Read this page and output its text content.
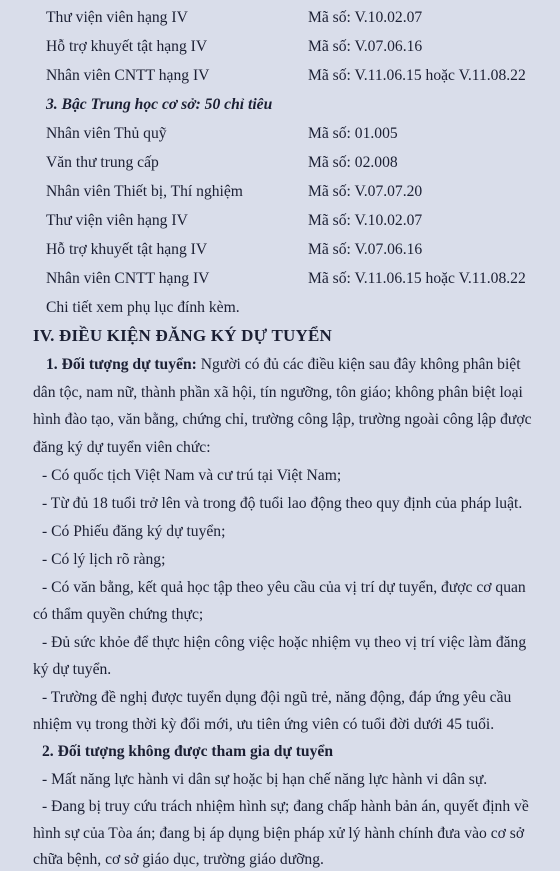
Thư viện viên hạng IV	Mã số: V.10.02.07
Hỗ trợ khuyết tật hạng IV	Mã số: V.07.06.16
Nhân viên CNTT hạng IV	Mã số: V.11.06.15 hoặc V.11.08.22
3. Bậc Trung học cơ sở: 50 chỉ tiêu
Nhân viên Thủ quỹ	Mã số: 01.005
Văn thư trung cấp	Mã số: 02.008
Nhân viên Thiết bị, Thí nghiệm	Mã số: V.07.07.20
Thư viện viên hạng IV	Mã số: V.10.02.07
Hỗ trợ khuyết tật hạng IV	Mã số: V.07.06.16
Nhân viên CNTT hạng IV	Mã số: V.11.06.15 hoặc V.11.08.22
Chi tiết xem phụ lục đính kèm.
IV. ĐIỀU KIỆN ĐĂNG KÝ DỰ TUYỂN
1. Đối tượng dự tuyển: Người có đủ các điều kiện sau đây không phân biệt
dân tộc, nam nữ, thành phần xã hội, tín ngưỡng, tôn giáo; không phân biệt loại
hình đào tạo, văn bằng, chứng chỉ, trường công lập, trường ngoài công lập được
đăng ký dự tuyển viên chức:
- Có quốc tịch Việt Nam và cư trú tại Việt Nam;
- Từ đủ 18 tuổi trở lên và trong độ tuổi lao động theo quy định của pháp luật.
- Có Phiếu đăng ký dự tuyển;
- Có lý lịch rõ ràng;
- Có văn bằng, kết quả học tập theo yêu cầu của vị trí dự tuyển, được cơ quan
có thẩm quyền chứng thực;
- Đủ sức khỏe để thực hiện công việc hoặc nhiệm vụ theo vị trí việc làm đăng
ký dự tuyển.
- Trường đề nghị được tuyển dụng đội ngũ trẻ, năng động, đáp ứng yêu cầu
nhiệm vụ trong thời kỳ đổi mới, ưu tiên ứng viên có tuổi đời dưới 45 tuổi.
2. Đối tượng không được tham gia dự tuyển
- Mất năng lực hành vi dân sự hoặc bị hạn chế năng lực hành vi dân sự.
- Đang bị truy cứu trách nhiệm hình sự; đang chấp hành bản án, quyết định về
hình sự của Tòa án; đang bị áp dụng biện pháp xử lý hành chính đưa vào cơ sở
chữa bệnh, cơ sở giáo dục, trường giáo dưỡng.
